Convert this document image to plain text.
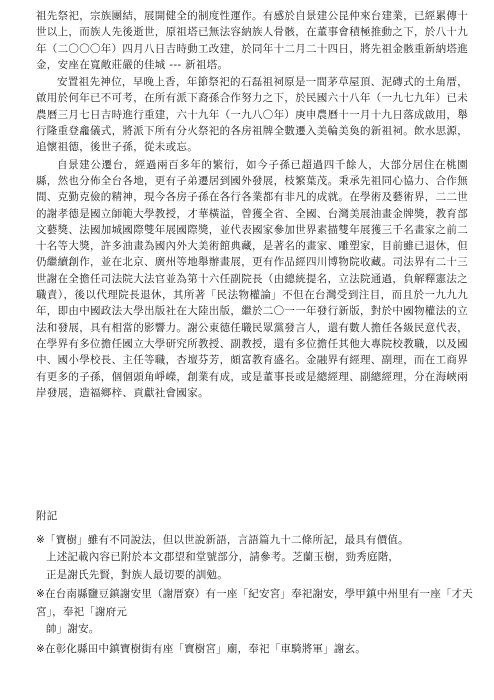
祖先祭祀，宗族團結，展開健全的制度性運作。有感於自景建公昆仲來台建業，已經累傳十世以上，而族人先後逝世，原祖塔已無法容納族人骨骸，在董事會積極推動之下，於八十九年（二〇〇〇年）四月八日吉時動工改建，於同年十二月二十四日，將先祖金骸重新納塔進金，安座在寬敞莊嚴的佳城 --- 新祖塔。

安置祖先神位，早晚上香，年節祭祀的石磊祖祠原是一間茅草屋頂、泥磚式的土角厝，啟用於何年已不可考，在所有派下裔孫合作努力之下，於民國六十八年（一九七九年）已未農曆三月七日吉時進行重建，六十九年（一九八〇年）庚申農曆十一月十九日落成啟用，舉行隆重登龕儀式，將派下所有分火祭祀的各房祖牌全數遷入美輪美奐的新祖祠。飲水思源，追懷祖德，後世子孫，從未或忘。

自景建公遷台，經過兩百多年的繁衍，如今子孫已超過四千餘人，大部分居住在桃園縣，然也分佈全台各地，更有子弟遷居到國外發展，枝繁葉茂。秉承先祖同心協力、合作無間、克勤克儉的精神，現今各房子孫在各行各業都有非凡的成就。在學術及藝術界，二二世的謝孝德是國立師範大學教授，才華橫溢，曾獲全省、全國、台灣美展油畫金牌獎，教育部文藝獎、法國加城國際雙年展國際獎，並代表國家參加世界素描雙年展獲三千名畫家之前二十名等大獎，許多油畫為國內外大美術館典藏，是著名的畫家、雕塑家，目前雖已退休，但仍繼續創作，並在北京、廣州等地舉辦畫展，更有作品經四川博物院收藏。司法界有二十三世謝在全擔任司法院大法官並為第十六任副院長（由總統提名，立法院通過，負解釋憲法之職責），後以代理院長退休，其所著「民法物權論」不但在台灣受到注目，而且於一九九九年，即由中國政法大學出版社在大陸出版，繼於二〇一一年發行新版，對於中國物權法的立法和發展，具有相當的影響力。謝公東德任職民眾黨發言人，還有數人擔任各級民意代表，在學界有多位擔任國立大學研究所教授、副教授，還有多位擔任其他大專院校教職，以及國中、國小學校長、主任等職，杏壇芬芳，頗富教育盛名。金融界有經理、副理，而在工商界有更多的子孫，個個頭角崢嶸，創業有成，或是董事長或是總經理、副總經理，分在海峽兩岸發展，造福鄉梓、貢獻社會國家。

附記

※「寶樹」雖有不同說法，但以世說新語，言語篇九十二條所記，最具有價值。
上述記載內容已附於本文郡望和堂號部分，請參考。芝蘭玉樹，勁秀庭階，
正是謝氏先賢，對族人最切要的訓勉。
※在台南縣鹽豆鎮謝安里（謝厝寮）有一座「紀安宮」奉祀謝安，學甲鎮中州里有一座「才天宮」，奉祀「謝府元
帥」謝安。
※在彰化縣田中鎮寶樹街有座「寶樹宮」廟，奉祀「車騎將軍」謝玄。
